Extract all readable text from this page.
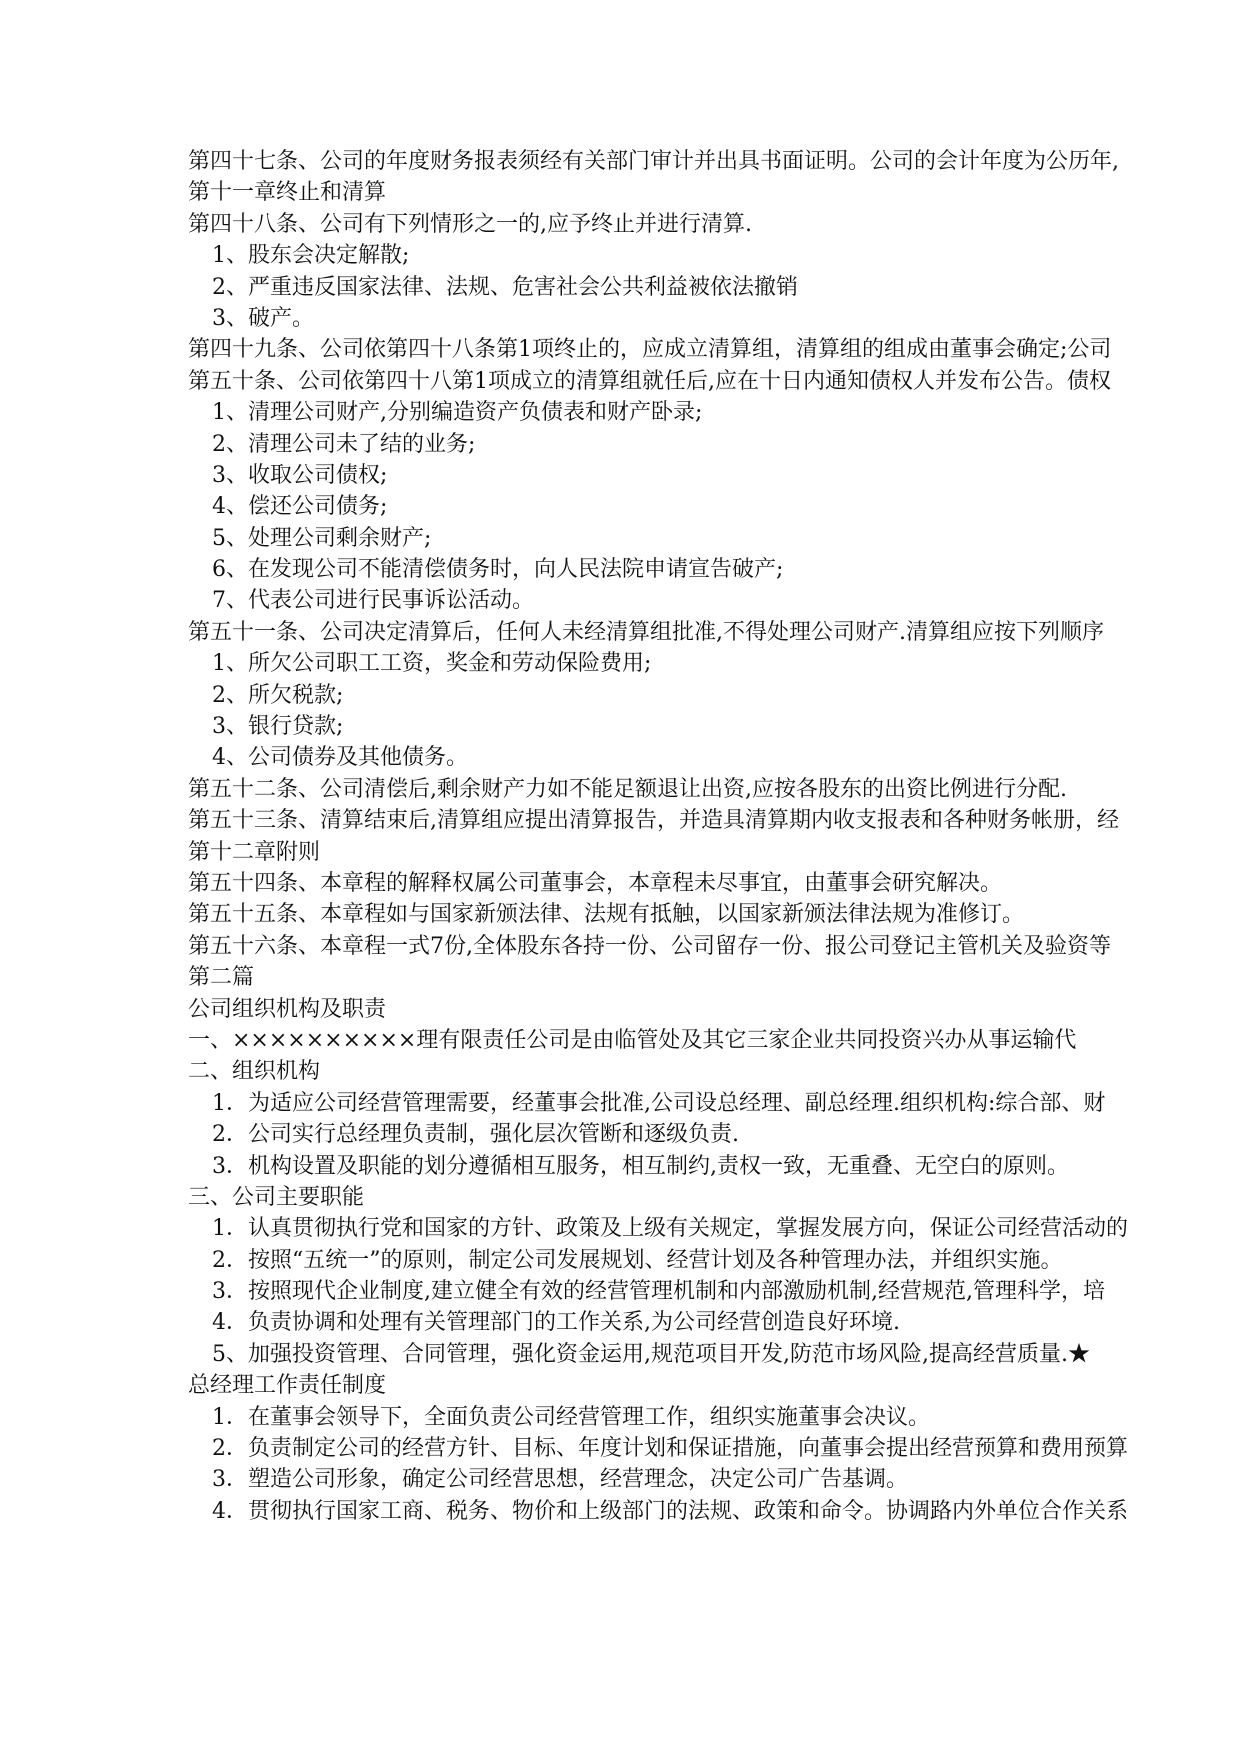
第四十七条、公司的年度财务报表须经有关部门审计并出具书面证明。公司的会计年度为公历年,
第十一章终止和清算
第四十八条、公司有下列情形之一的,应予终止并进行清算.
1、股东会决定解散;
2、严重违反国家法律、法规、危害社会公共利益被依法撤销
3、破产。
第四十九条、公司依第四十八条第1项终止的，应成立清算组，清算组的组成由董事会确定;公司
第五十条、公司依第四十八第1项成立的清算组就任后,应在十日内通知债权人并发布公告。债权
1、清理公司财产,分别编造资产负债表和财产卧录;
2、清理公司未了结的业务;
3、收取公司债权;
4、偿还公司债务;
5、处理公司剩余财产;
6、在发现公司不能清偿债务时，向人民法院申请宣告破产;
7、代表公司进行民事诉讼活动。
第五十一条、公司决定清算后，任何人未经清算组批准,不得处理公司财产.清算组应按下列顺序
1、所欠公司职工工资，奖金和劳动保险费用;
2、所欠税款;
3、银行贷款;
4、公司债券及其他债务。
第五十二条、公司清偿后,剩余财产力如不能足额退让出资,应按各股东的出资比例进行分配.
第五十三条、清算结束后,清算组应提出清算报告，并造具清算期内收支报表和各种财务帐册，经
第十二章附则
第五十四条、本章程的解释权属公司董事会，本章程未尽事宜，由董事会研究解决。
第五十五条、本章程如与国家新颁法律、法规有抵触，以国家新颁法律法规为准修订。
第五十六条、本章程一式7份,全体股东各持一份、公司留存一份、报公司登记主管机关及验资等
第二篇
公司组织机构及职责
一、××××××××××理有限责任公司是由临管处及其它三家企业共同投资兴办从事运输代
二、组织机构
1．为适应公司经营管理需要，经董事会批准,公司设总经理、副总经理.组织机构:综合部、财
2．公司实行总经理负责制，强化层次管断和逐级负责.
3．机构设置及职能的划分遵循相互服务，相互制约,责权一致，无重叠、无空白的原则。
三、公司主要职能
1．认真贯彻执行党和国家的方针、政策及上级有关规定，掌握发展方向，保证公司经营活动的
2．按照“五统一”的原则，制定公司发展规划、经营计划及各种管理办法，并组织实施。
3．按照现代企业制度,建立健全有效的经营管理机制和内部激励机制,经营规范,管理科学，培
4．负责协调和处理有关管理部门的工作关系,为公司经营创造良好环境.
5、加强投资管理、合同管理，强化资金运用,规范项目开发,防范市场风险,提高经营质量.★
总经理工作责任制度
1．在董事会领导下，全面负责公司经营管理工作，组织实施董事会决议。
2．负责制定公司的经营方针、目标、年度计划和保证措施，向董事会提出经营预算和费用预算
3．塑造公司形象，确定公司经营思想，经营理念，决定公司广告基调。
4．贯彻执行国家工商、税务、物价和上级部门的法规、政策和命令。协调路内外单位合作关系
